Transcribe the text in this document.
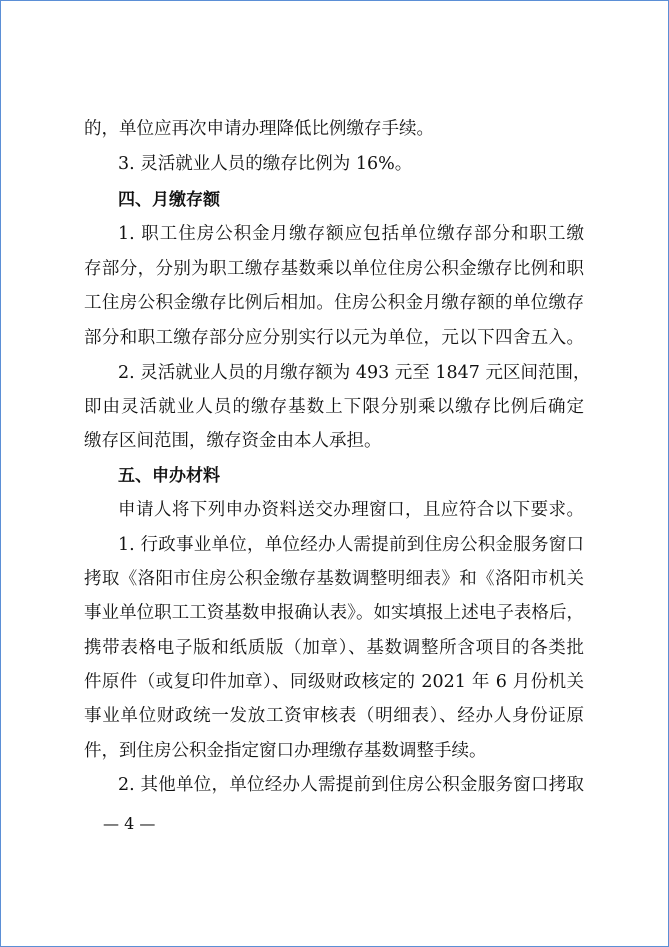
的，单位应再次申请办理降低比例缴存手续。
3. 灵活就业人员的缴存比例为 16%。
四、月缴存额
1. 职工住房公积金月缴存额应包括单位缴存部分和职工缴
存部分，分别为职工缴存基数乘以单位住房公积金缴存比例和职
工住房公积金缴存比例后相加。住房公积金月缴存额的单位缴存
部分和职工缴存部分应分别实行以元为单位，元以下四舍五入。
2. 灵活就业人员的月缴存额为 493 元至 1847 元区间范围，
即由灵活就业人员的缴存基数上下限分别乘以缴存比例后确定
缴存区间范围，缴存资金由本人承担。
五、申办材料
申请人将下列申办资料送交办理窗口，且应符合以下要求。
1. 行政事业单位，单位经办人需提前到住房公积金服务窗口
拷取《洛阳市住房公积金缴存基数调整明细表》和《洛阳市机关
事业单位职工工资基数申报确认表》。如实填报上述电子表格后，
携带表格电子版和纸质版（加章）、基数调整所含项目的各类批
件原件（或复印件加章）、同级财政核定的 2021 年 6 月份机关
事业单位财政统一发放工资审核表（明细表）、经办人身份证原
件，到住房公积金指定窗口办理缴存基数调整手续。
2. 其他单位，单位经办人需提前到住房公积金服务窗口拷取
— 4 —
